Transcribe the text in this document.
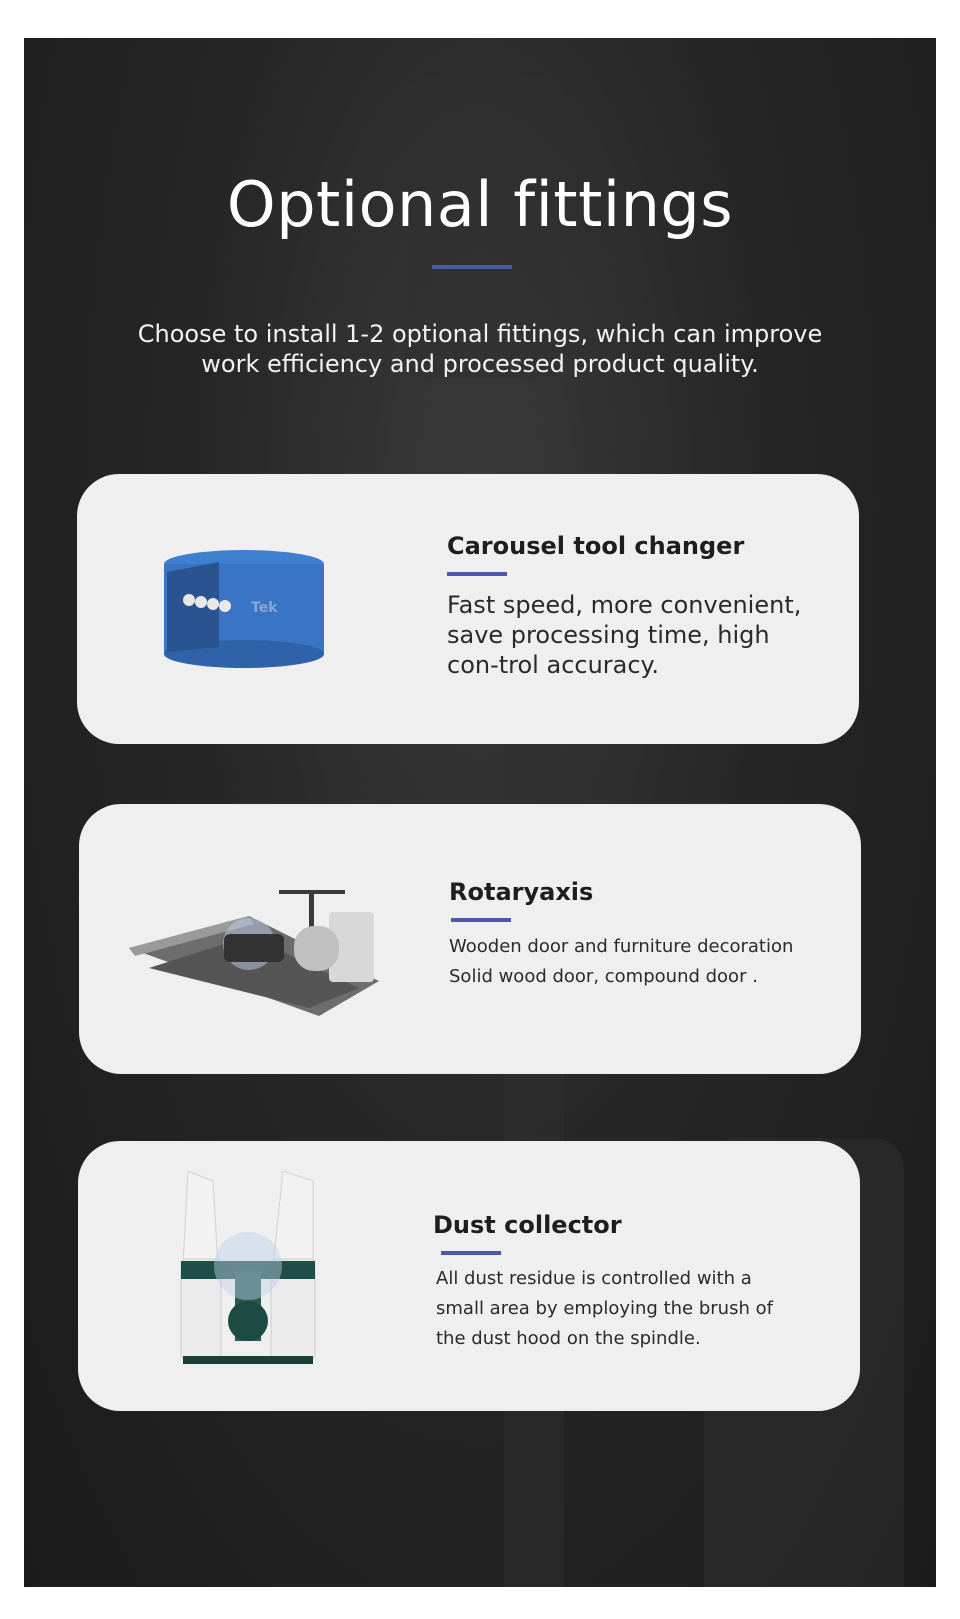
Optional fittings
Choose to install 1-2 optional fittings, which can improve work efficiency and processed product quality.
Tek
Carousel tool changer
Fast speed, more convenient, save processing time, high con-trol accuracy.
Rotaryaxis
Wooden door and furniture decoration Solid wood door, compound door .
Dust collector
All dust residue is controlled with a small area by employing the brush of the dust hood on the spindle.
